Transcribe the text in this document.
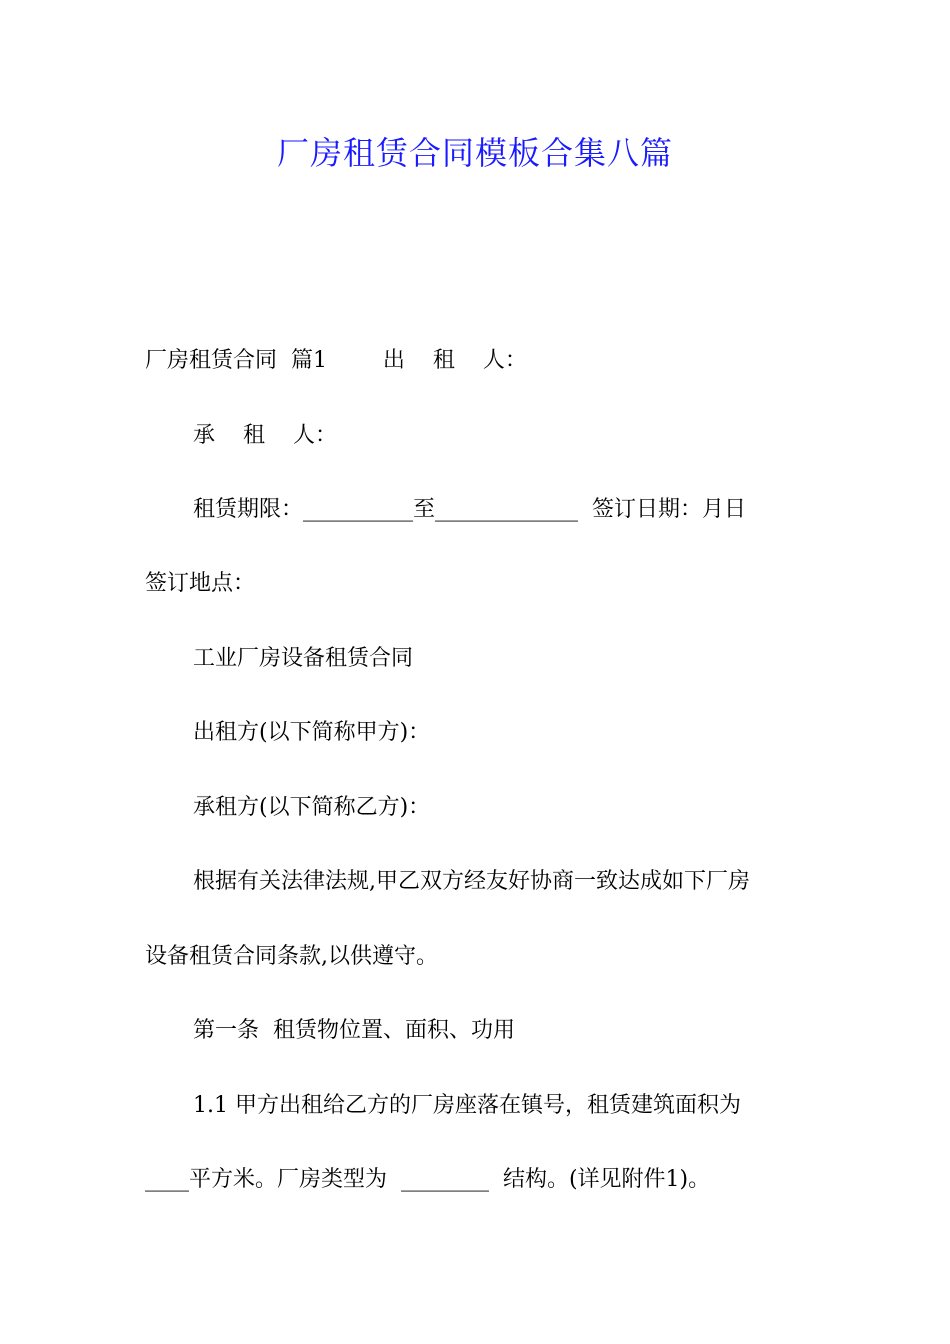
厂房租赁合同模板合集八篇
厂房租赁合同  篇1        出    租    人：
承    租    人：
租赁期限：__________至_____________  签订日期：月日
签订地点：
工业厂房设备租赁合同
出租方(以下简称甲方)：
承租方(以下简称乙方)：
根据有关法律法规,甲乙双方经友好协商一致达成如下厂房
设备租赁合同条款,以供遵守。
第一条  租赁物位置、面积、功用
1.1 甲方出租给乙方的厂房座落在镇号，租赁建筑面积为
____平方米。厂房类型为  ________  结构。(详见附件1)。
